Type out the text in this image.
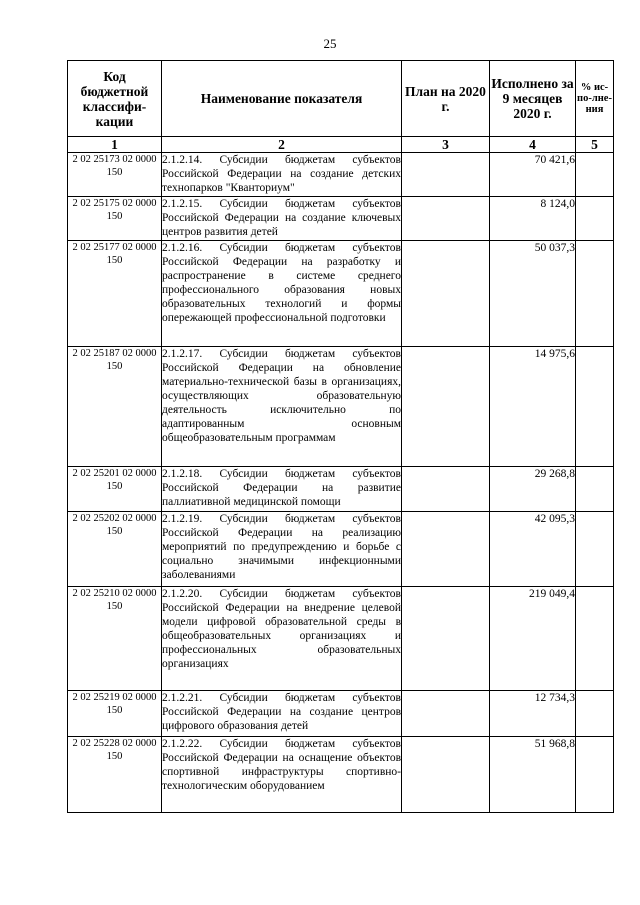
25
Код бюджетной классифи-кации	Наименование показателя	План на 2020 г.	Исполнено за 9 месяцев 2020 г.	% ис-по-лне-ния
1	2	3	4	5
2 02 25173 02 0000 150	2.1.2.14. Субсидии бюджетам субъектов Российской Федерации на создание детских технопарков "Кванториум"		70 421,6	
2 02 25175 02 0000 150	2.1.2.15. Субсидии бюджетам субъектов Российской Федерации на создание ключевых центров развития детей		8 124,0	
2 02 25177 02 0000 150	2.1.2.16. Субсидии бюджетам субъектов Российской Федерации на разработку и распространение в системе среднего профессионального образования новых образовательных технологий и формы опережающей профессиональной подготовки		50 037,3	
2 02 25187 02 0000 150	2.1.2.17. Субсидии бюджетам субъектов Российской Федерации на обновление материально-технической базы в организациях, осуществляющих образовательную деятельность исключительно по адаптированным основным общеобразовательным программам		14 975,6	
2 02 25201 02 0000 150	2.1.2.18. Субсидии бюджетам субъектов Российской Федерации на развитие паллиативной медицинской помощи		29 268,8	
2 02 25202 02 0000 150	2.1.2.19. Субсидии бюджетам субъектов Российской Федерации на реализацию мероприятий по предупреждению и борьбе с социально значимыми инфекционными заболеваниями		42 095,3	
2 02 25210 02 0000 150	2.1.2.20. Субсидии бюджетам субъектов Российской Федерации на внедрение целевой модели цифровой образовательной среды в общеобразовательных организациях и профессиональных образовательных организациях		219 049,4	
2 02 25219 02 0000 150	2.1.2.21. Субсидии бюджетам субъектов Российской Федерации на создание центров цифрового образования детей		12 734,3	
2 02 25228 02 0000 150	2.1.2.22. Субсидии бюджетам субъектов Российской Федерации на оснащение объектов спортивной инфраструктуры спортивно-технологическим оборудованием		51 968,8	
